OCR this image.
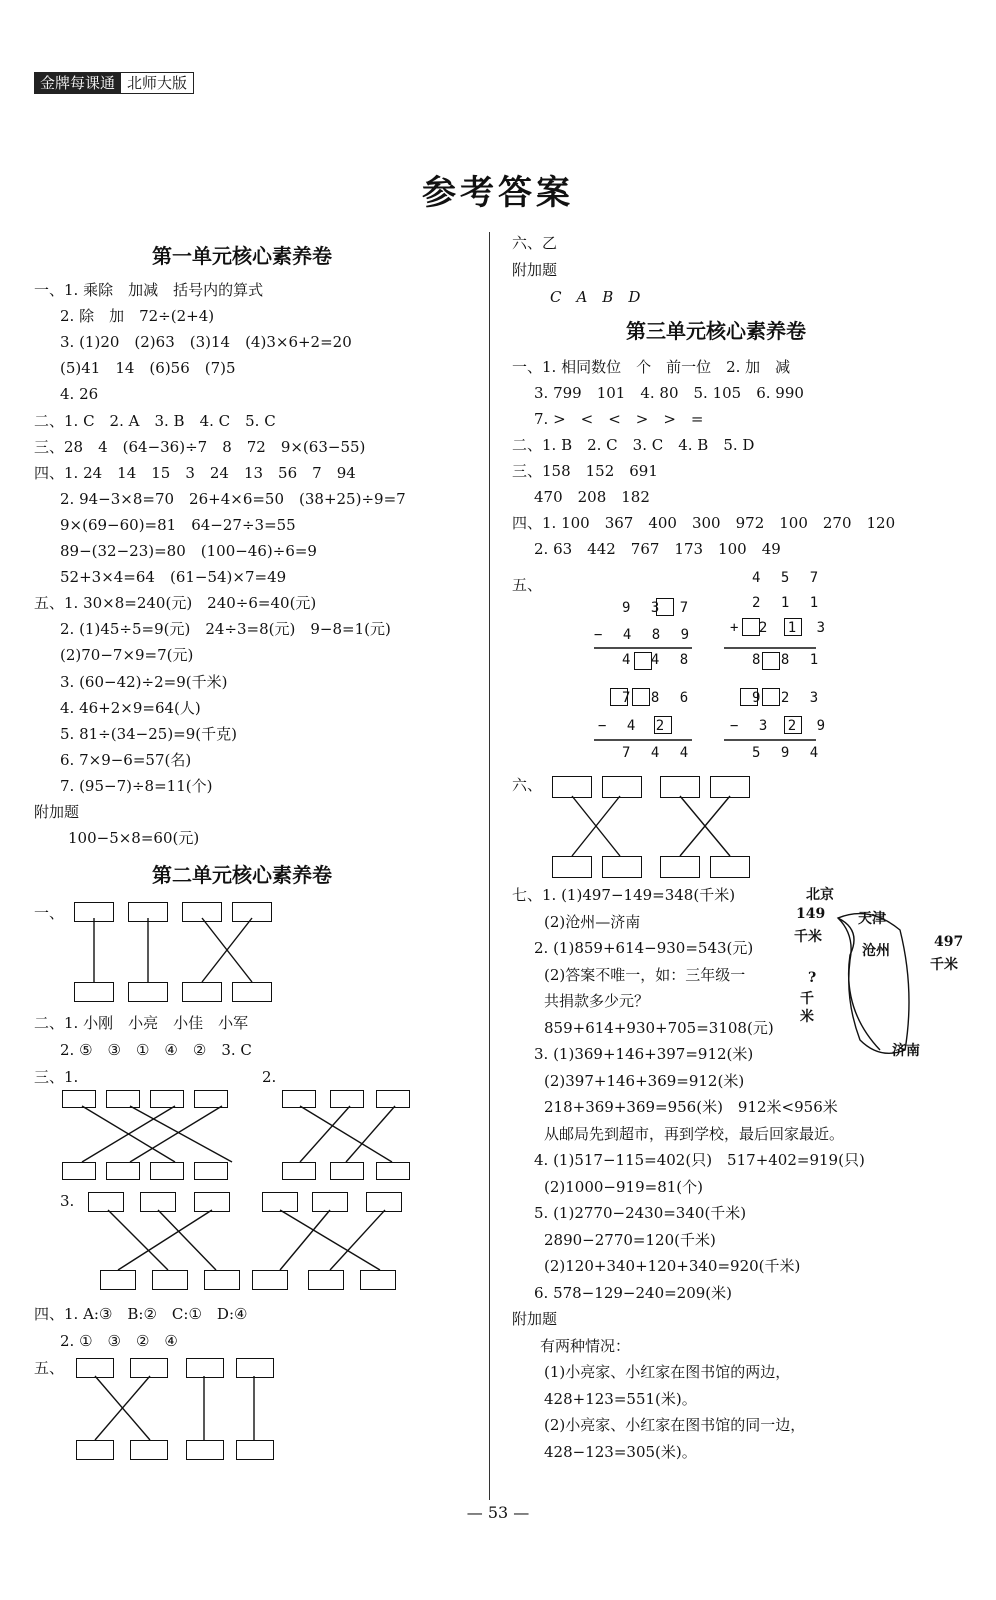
金牌每课通 北师大版
参考答案
第一单元核心素养卷
一、1. 乘除　加减　括号内的算式
2. 除　加　72÷(2+4)
3. (1)20　(2)63　(3)14　(4)3×6+2=20
(5)41　14　(6)56　(7)5
4. 26
二、1. C　2. A　3. B　4. C　5. C
三、28　4　(64−36)÷7　8　72　9×(63−55)
四、1. 24　14　15　3　24　13　56　7　94
2. 94−3×8=70　26+4×6=50　(38+25)÷9=7
9×(69−60)=81　64−27÷3=55
89−(32−23)=80　(100−46)÷6=9
52+3×4=64　(61−54)×7=49
五、1. 30×8=240(元)　240÷6=40(元)
2. (1)45÷5=9(元)　24÷3=8(元)　9−8=1(元)
(2)70−7×9=7(元)
3. (60−42)÷2=9(千米)
4. 46+2×9=64(人)
5. 81÷(34−25)=9(千克)
6. 7×9−6=57(名)
7. (95−7)÷8=11(个)
附加题
100−5×8=60(元)
第二单元核心素养卷
一、
二、1. 小刚　小亮　小佳　小军
2. ⑤　③　①　④　②　3. C
三、1.	2.
3.
四、1. A:③　B:②　C:①　D:④
2. ①　③　②　④
五、
六、乙
附加题
C　A　B　D
第三单元核心素养卷
一、1. 相同数位　个　前一位　2. 加　减
3. 799　101　4. 80　5. 105　6. 990
7. >　<　<　>　>　=
二、1. B　2. C　3. C　4. B　5. D
三、158　152　691
470　208　182
四、1. 100　367　400　300　972　100　270　120
2. 63　442　767　173　100　49
五、
六、
9 3 7
− 4 8 9
4 4 8
4 5 7
2 1 1
+ 2 1 3
8 8 1
7 8 6
− 4 2
7 4 4
9 2 3
− 3 2 9
5 9 4
七、1. (1)497−149=348(千米)
(2)沧州—济南
2. (1)859+614−930=543(元)
(2)答案不唯一，如：三年级一
共捐款多少元？
859+614+930+705=3108(元)
3. (1)369+146+397=912(米)
(2)397+146+369=912(米)
218+369+369=956(米)　912米<956米
从邮局先到超市，再到学校，最后回家最近。
4. (1)517−115=402(只)　517+402=919(只)
(2)1000−919=81(个)
5. (1)2770−2430=340(千米)
2890−2770=120(千米)
(2)120+340+120+340=920(千米)
6. 578−129−240=209(米)
附加题
有两种情况：
(1)小亮家、小红家在图书馆的两边，
428+123=551(米)。
(2)小亮家、小红家在图书馆的同一边，
428−123=305(米)。
北京
天津
沧州
济南
149
千米	497
千米
?
千米
— 53 —
